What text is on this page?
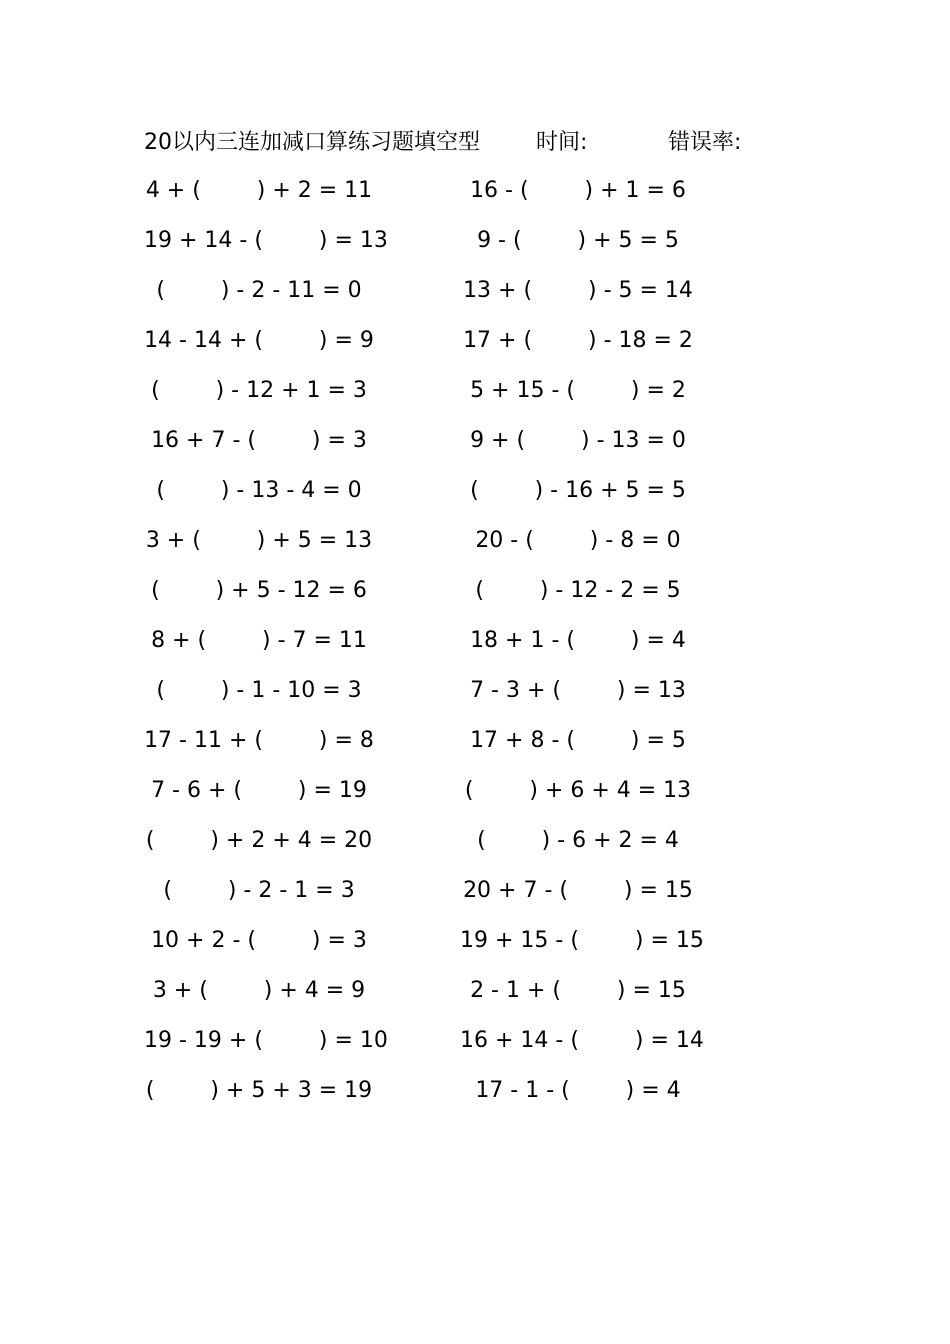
20以内三连加减口算练习题填空型	时间:	错误率:
4 + (        ) + 2 = 11
19 + 14 - (        ) = 13
(        ) - 2 - 11 = 0
14 - 14 + (        ) = 9
(        ) - 12 + 1 = 3
16 + 7 - (        ) = 3
(        ) - 13 - 4 = 0
3 + (        ) + 5 = 13
(        ) + 5 - 12 = 6
8 + (        ) - 7 = 11
(        ) - 1 - 10 = 3
17 - 11 + (        ) = 8
7 - 6 + (        ) = 19
(        ) + 2 + 4 = 20
(        ) - 2 - 1 = 3
10 + 2 - (        ) = 3
3 + (        ) + 4 = 9
19 - 19 + (        ) = 10
(        ) + 5 + 3 = 19
16 - (        ) + 1 = 6
9 - (        ) + 5 = 5
13 + (        ) - 5 = 14
17 + (        ) - 18 = 2
5 + 15 - (        ) = 2
9 + (        ) - 13 = 0
(        ) - 16 + 5 = 5
20 - (        ) - 8 = 0
(        ) - 12 - 2 = 5
18 + 1 - (        ) = 4
7 - 3 + (        ) = 13
17 + 8 - (        ) = 5
(        ) + 6 + 4 = 13
(        ) - 6 + 2 = 4
20 + 7 - (        ) = 15
19 + 15 - (        ) = 15
2 - 1 + (        ) = 15
16 + 14 - (        ) = 14
17 - 1 - (        ) = 4
